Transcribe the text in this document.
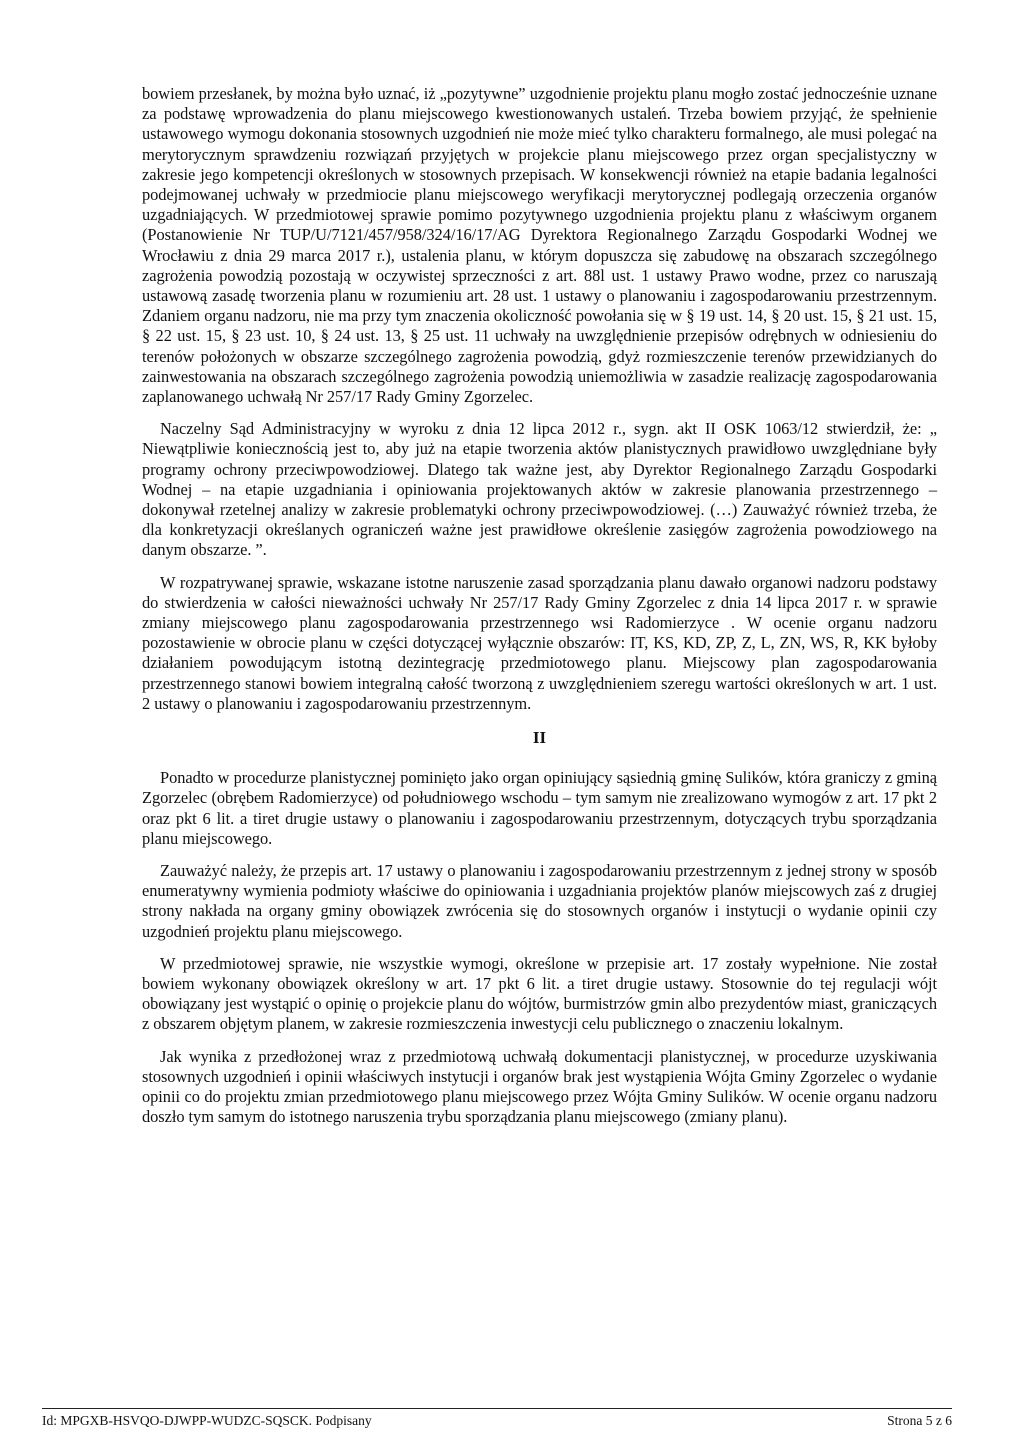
bowiem przesłanek, by można było uznać, iż „pozytywne” uzgodnienie projektu planu mogło zostać jednocześnie uznane za podstawę wprowadzenia do planu miejscowego kwestionowanych ustaleń. Trzeba bowiem przyjąć, że spełnienie ustawowego wymogu dokonania stosownych uzgodnień nie może mieć tylko charakteru formalnego, ale musi polegać na merytorycznym sprawdzeniu rozwiązań przyjętych w projekcie planu miejscowego przez organ specjalistyczny w zakresie jego kompetencji określonych w stosownych przepisach. W konsekwencji również na etapie badania legalności podejmowanej uchwały w przedmiocie planu miejscowego weryfikacji merytorycznej podlegają orzeczenia organów uzgadniających. W przedmiotowej sprawie pomimo pozytywnego uzgodnienia projektu planu z właściwym organem (Postanowienie Nr TUP/U/7121/457/958/324/16/17/AG Dyrektora Regionalnego Zarządu Gospodarki Wodnej we Wrocławiu z dnia 29 marca 2017 r.), ustalenia planu, w którym dopuszcza się zabudowę na obszarach szczególnego zagrożenia powodzią pozostają w oczywistej sprzeczności z art. 88l ust. 1 ustawy Prawo wodne, przez co naruszają ustawową zasadę tworzenia planu w rozumieniu art. 28 ust. 1 ustawy o planowaniu i zagospodarowaniu przestrzennym. Zdaniem organu nadzoru, nie ma przy tym znaczenia okoliczność powołania się w § 19 ust. 14, § 20 ust. 15, § 21 ust. 15, § 22 ust. 15, § 23 ust. 10, § 24 ust. 13, § 25 ust. 11 uchwały na uwzględnienie przepisów odrębnych w odniesieniu do terenów położonych w obszarze szczególnego zagrożenia powodzią, gdyż rozmieszczenie terenów przewidzianych do zainwestowania na obszarach szczególnego zagrożenia powodzią uniemożliwia w zasadzie realizację zagospodarowania zaplanowanego uchwałą Nr 257/17 Rady Gminy Zgorzelec.

Naczelny Sąd Administracyjny w wyroku z dnia 12 lipca 2012 r., sygn. akt II OSK 1063/12 stwierdził, że: „ Niewątpliwie koniecznością jest to, aby już na etapie tworzenia aktów planistycznych prawidłowo uwzględniane były programy ochrony przeciwpowodziowej. Dlatego tak ważne jest, aby Dyrektor Regionalnego Zarządu Gospodarki Wodnej – na etapie uzgadniania i opiniowania projektowanych aktów w zakresie planowania przestrzennego – dokonywał rzetelnej analizy w zakresie problematyki ochrony przeciwpowodziowej. (…) Zauważyć również trzeba, że dla konkretyzacji określanych ograniczeń ważne jest prawidłowe określenie zasięgów zagrożenia powodziowego na danym obszarze. ”.

W rozpatrywanej sprawie, wskazane istotne naruszenie zasad sporządzania planu dawało organowi nadzoru podstawy do stwierdzenia w całości nieważności uchwały Nr 257/17 Rady Gminy Zgorzelec z dnia 14 lipca 2017 r. w sprawie zmiany miejscowego planu zagospodarowania przestrzennego wsi Radomierzyce . W ocenie organu nadzoru pozostawienie w obrocie planu w części dotyczącej wyłącznie obszarów: IT, KS, KD, ZP, Z, L, ZN, WS, R, KK byłoby działaniem powodującym istotną dezintegrację przedmiotowego planu. Miejscowy plan zagospodarowania przestrzennego stanowi bowiem integralną całość tworzoną z uwzględnieniem szeregu wartości określonych w art. 1 ust. 2 ustawy o planowaniu i zagospodarowaniu przestrzennym.

II

Ponadto w procedurze planistycznej pominięto jako organ opiniujący sąsiednią gminę Sulików, która graniczy z gminą Zgorzelec (obrębem Radomierzyce) od południowego wschodu – tym samym nie zrealizowano wymogów z art. 17 pkt 2 oraz pkt 6 lit. a tiret drugie ustawy o planowaniu i zagospodarowaniu przestrzennym, dotyczących trybu sporządzania planu miejscowego.

Zauważyć należy, że przepis art. 17 ustawy o planowaniu i zagospodarowaniu przestrzennym z jednej strony w sposób enumeratywny wymienia podmioty właściwe do opiniowania i uzgadniania projektów planów miejscowych zaś z drugiej strony nakłada na organy gminy obowiązek zwrócenia się do stosownych organów i instytucji o wydanie opinii czy uzgodnień projektu planu miejscowego.

W przedmiotowej sprawie, nie wszystkie wymogi, określone w przepisie art. 17 zostały wypełnione. Nie został bowiem wykonany obowiązek określony w art. 17 pkt 6 lit. a tiret drugie ustawy. Stosownie do tej regulacji wójt obowiązany jest wystąpić o opinię o projekcie planu do wójtów, burmistrzów gmin albo prezydentów miast, graniczących z obszarem objętym planem, w zakresie rozmieszczenia inwestycji celu publicznego o znaczeniu lokalnym.

Jak wynika z przedłożonej wraz z przedmiotową uchwałą dokumentacji planistycznej, w procedurze uzyskiwania stosownych uzgodnień i opinii właściwych instytucji i organów brak jest wystąpienia Wójta Gminy Zgorzelec o wydanie opinii co do projektu zmian przedmiotowego planu miejscowego przez Wójta Gminy Sulików. W ocenie organu nadzoru doszło tym samym do istotnego naruszenia trybu sporządzania planu miejscowego (zmiany planu).

Id: MPGXB-HSVQO-DJWPP-WUDZC-SQSCK. Podpisany	Strona 5 z 6
